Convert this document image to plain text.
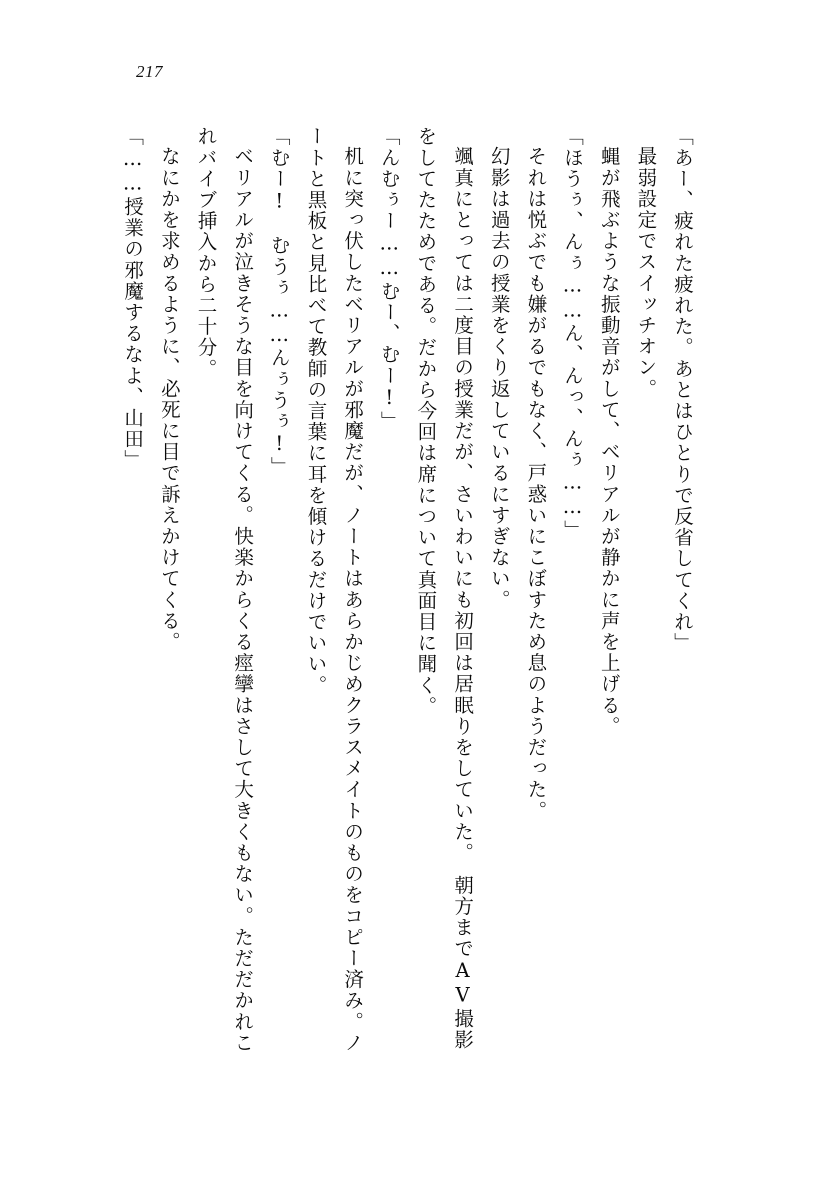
217

「あー、疲れた疲れた。あとはひとりで反省してくれ」

最弱設定でスイッチオン。

蝿が飛ぶような振動音がして、ベリアルが静かに声を上げる。

「ほうぅ、んぅ……ん、んっ、んぅ……」

それは悦ぶでも嫌がるでもなく、戸惑いにこぼすため息のようだった。

幻影は過去の授業をくり返しているにすぎない。

颯真にとっては二度目の授業だが、さいわいにも初回は居眠りをしていた。　朝方までAV撮影をしてたためである。だから今回は席について真面目に聞く。

「んむぅー……むー、むー!」

机に突っ伏したベリアルが邪魔だが、ノートはあらかじめクラスメイトのものをコピー済み。ノートと黒板と見比べて教師の言葉に耳を傾けるだけでいい。

「むー!　むうぅ……んぅうぅ!」

ベリアルが泣きそうな目を向けてくる。快楽からくる痙攣はさして大きくもない。ただだかれこれバイブ挿入から二十分。

なにかを求めるように、必死に目で訴えかけてくる。

「……授業の邪魔するなよ、山田」
